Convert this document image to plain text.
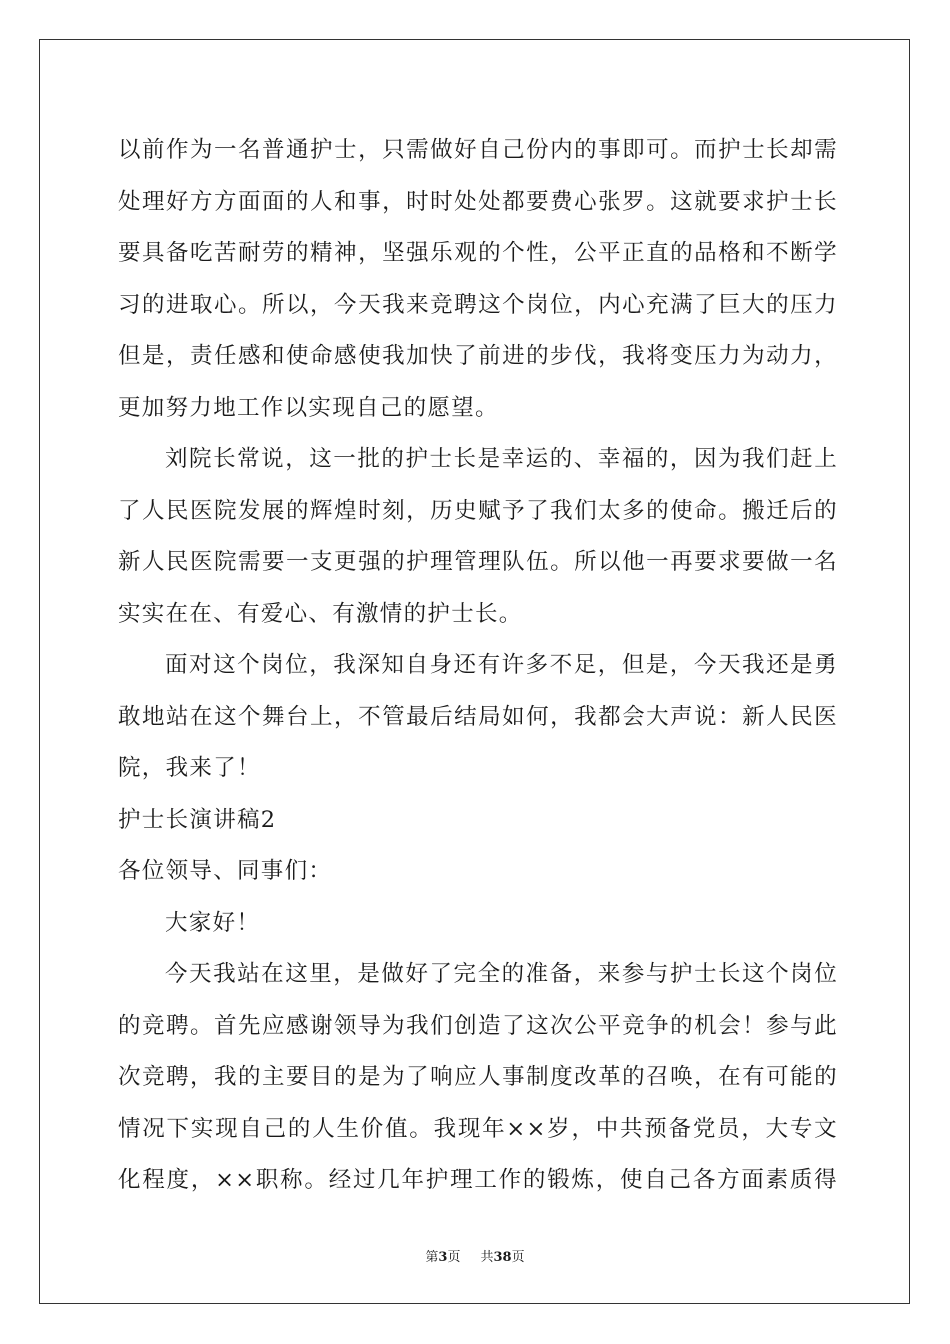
以前作为一名普通护士，只需做好自己份内的事即可。而护士长却需
处理好方方面面的人和事，时时处处都要费心张罗。这就要求护士长
要具备吃苦耐劳的精神，坚强乐观的个性，公平正直的品格和不断学
习的进取心。所以，今天我来竞聘这个岗位，内心充满了巨大的压力
但是，责任感和使命感使我加快了前进的步伐，我将变压力为动力，
更加努力地工作以实现自己的愿望。
刘院长常说，这一批的护士长是幸运的、幸福的，因为我们赶上
了人民医院发展的辉煌时刻，历史赋予了我们太多的使命。搬迁后的
新人民医院需要一支更强的护理管理队伍。所以他一再要求要做一名
实实在在、有爱心、有激情的护士长。
面对这个岗位，我深知自身还有许多不足，但是，今天我还是勇
敢地站在这个舞台上，不管最后结局如何，我都会大声说：新人民医
院，我来了！
护士长演讲稿2
各位领导、同事们：
大家好！
今天我站在这里，是做好了完全的准备，来参与护士长这个岗位
的竞聘。首先应感谢领导为我们创造了这次公平竞争的机会！参与此
次竞聘，我的主要目的是为了响应人事制度改革的召唤，在有可能的
情况下实现自己的人生价值。我现年××岁，中共预备党员，大专文
化程度，××职称。经过几年护理工作的锻炼，使自己各方面素质得
第3页 共38页
